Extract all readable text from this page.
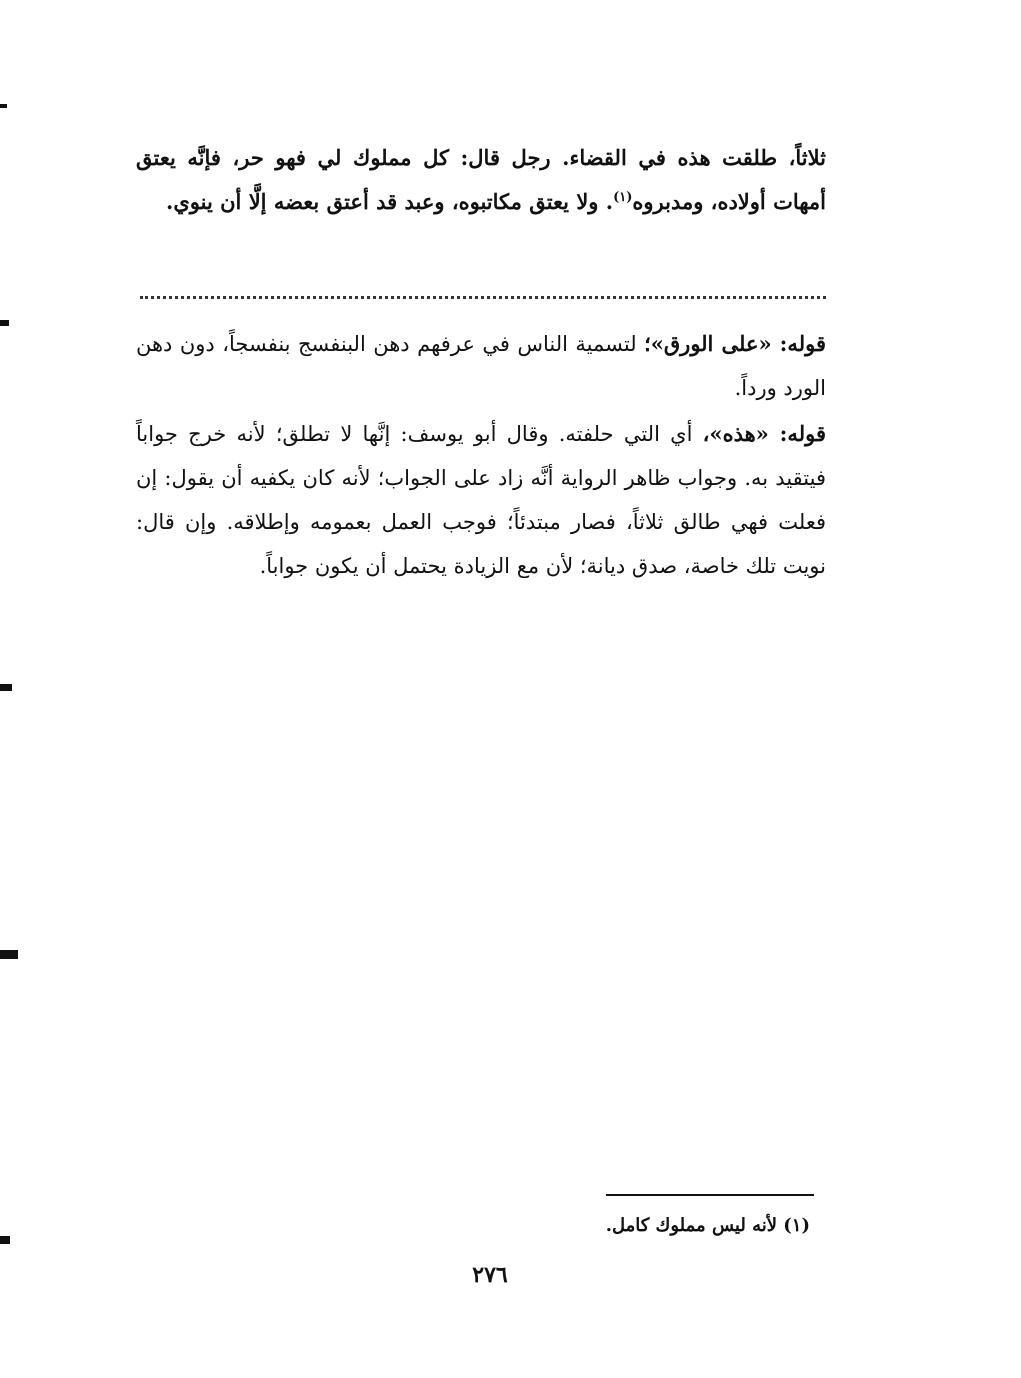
ثلاثاً، طلقت هذه في القضاء. رجل قال: كل مملوك لي فهو حر، فإنَّه يعتق أمهات أولاده، ومدبروه$^{(١)}$. ولا يعتق مكاتبوه، وعبد قد أعتق بعضه إلَّا أن ينوي.
قوله: «على الورق»؛ لتسمية الناس في عرفهم دهن البنفسج بنفسجاً، دون دهن الورد ورداً.
قوله: «هذه»، أي التي حلفته. وقال أبو يوسف: إنَّها لا تطلق؛ لأنه خرج جواباً فيتقيد به. وجواب ظاهر الرواية أنَّه زاد على الجواب؛ لأنه كان يكفيه أن يقول: إن فعلت فهي طالق ثلاثاً، فصار مبتدئاً؛ فوجب العمل بعمومه وإطلاقه. وإن قال: نويت تلك خاصة، صدق ديانة؛ لأن مع الزيادة يحتمل أن يكون جواباً.
(١) لأنه ليس مملوك كامل.
٢٧٦
